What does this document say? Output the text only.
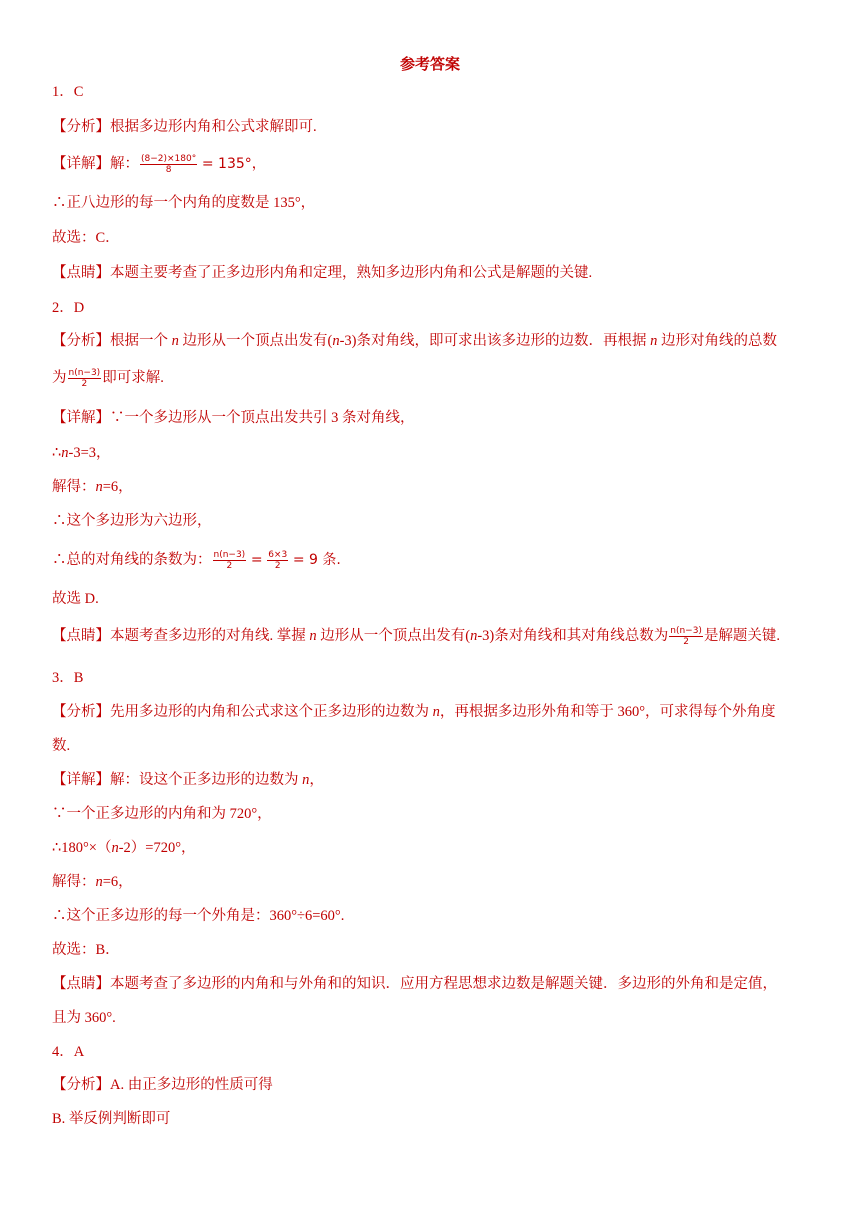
参考答案
1．C
【分析】根据多边形内角和公式求解即可.
【详解】解： $\frac{(8-2)\times 180^\circ}{8} = 135^\circ$，
∴正八边形的每一个内角的度数是 135°，
故选：C．
【点睛】本题主要考查了正多边形内角和定理，熟知多边形内角和公式是解题的关键.
2．D
【分析】根据一个 n 边形从一个顶点出发有(n-3)条对角线，即可求出该多边形的边数．再根据 n 边形对角线的总数
为 $\frac{n(n-3)}{2}$ 即可求解.
【详解】∵一个多边形从一个顶点出发共引 3 条对角线，
∴n-3=3，
解得：n=6，
∴这个多边形为六边形，
∴总的对角线的条数为： $\frac{n(n-3)}{2} = \frac{6\times 3}{2} = 9$ 条.
故选 D.
【点睛】本题考查多边形的对角线. 掌握 n 边形从一个顶点出发有(n-3)条对角线和其对角线总数为 $\frac{n(n-3)}{2}$ 是解题关键.
3．B
【分析】先用多边形的内角和公式求这个正多边形的边数为 n，再根据多边形外角和等于 360°，可求得每个外角度
数.
【详解】解：设这个正多边形的边数为 n，
∵一个正多边形的内角和为 720°，
∴180°×（n-2）=720°，
解得：n=6，
∴这个正多边形的每一个外角是：360°÷6=60°.
故选：B．
【点睛】本题考查了多边形的内角和与外角和的知识．应用方程思想求边数是解题关键．多边形的外角和是定值，
且为 360°.
4．A
【分析】A. 由正多边形的性质可得
B. 举反例判断即可
